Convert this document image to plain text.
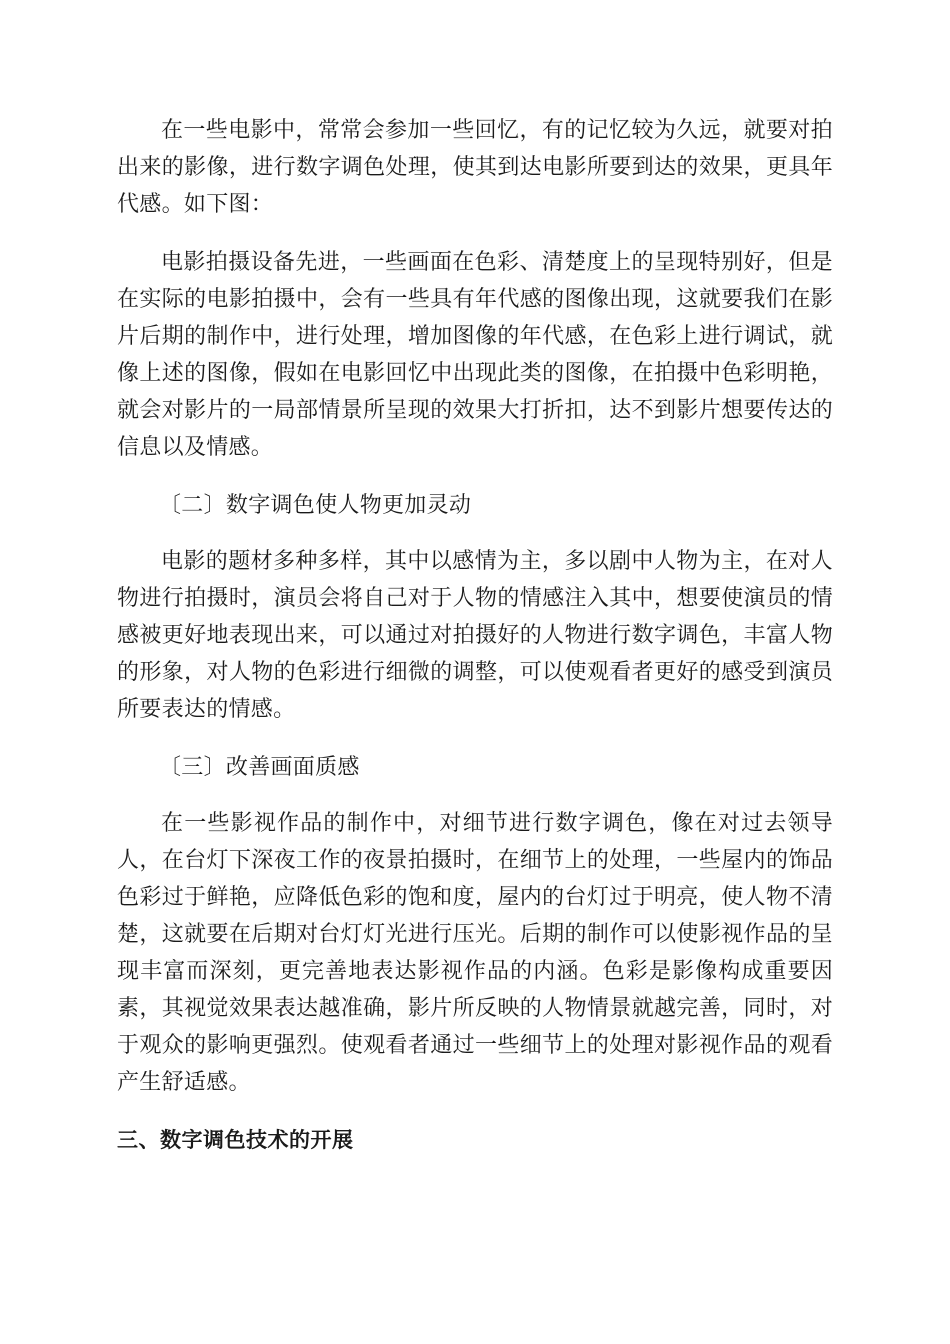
在一些电影中，常常会参加一些回忆，有的记忆较为久远，就要对拍出来的影像，进行数字调色处理，使其到达电影所要到达的效果，更具年代感。如下图：

电影拍摄设备先进，一些画面在色彩、清楚度上的呈现特别好，但是在实际的电影拍摄中，会有一些具有年代感的图像出现，这就要我们在影片后期的制作中，进行处理，增加图像的年代感，在色彩上进行调试，就像上述的图像，假如在电影回忆中出现此类的图像，在拍摄中色彩明艳，就会对影片的一局部情景所呈现的效果大打折扣，达不到影片想要传达的信息以及情感。

〔二〕数字调色使人物更加灵动

电影的题材多种多样，其中以感情为主，多以剧中人物为主，在对人物进行拍摄时，演员会将自己对于人物的情感注入其中，想要使演员的情感被更好地表现出来，可以通过对拍摄好的人物进行数字调色，丰富人物的形象，对人物的色彩进行细微的调整，可以使观看者更好的感受到演员所要表达的情感。

〔三〕改善画面质感

在一些影视作品的制作中，对细节进行数字调色，像在对过去领导人，在台灯下深夜工作的夜景拍摄时，在细节上的处理，一些屋内的饰品色彩过于鲜艳，应降低色彩的饱和度，屋内的台灯过于明亮，使人物不清楚，这就要在后期对台灯灯光进行压光。后期的制作可以使影视作品的呈现丰富而深刻，更完善地表达影视作品的内涵。色彩是影像构成重要因素，其视觉效果表达越准确，影片所反映的人物情景就越完善，同时，对于观众的影响更强烈。使观看者通过一些细节上的处理对影视作品的观看产生舒适感。

三、数字调色技术的开展
